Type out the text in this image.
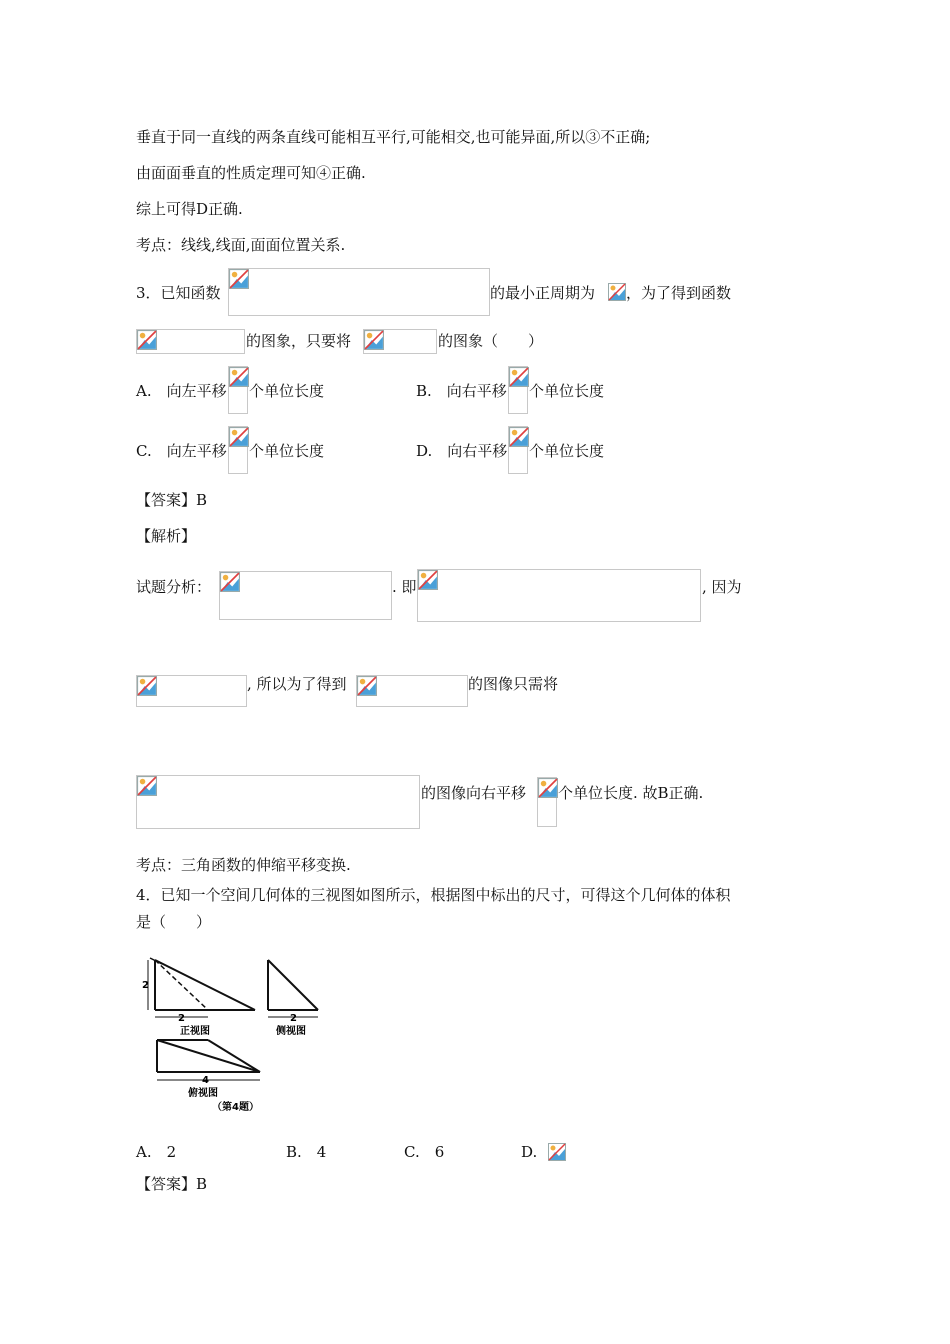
垂直于同一直线的两条直线可能相互平行,可能相交,也可能异面,所以③不正确;
由面面垂直的性质定理可知④正确.
综上可得D正确.
考点：线线,线面,面面位置关系.
3．已知函数	的最小正周期为 ，为了得到函数
的图象，只要将	的图象（　　）
A.　向左平移 个单位长度	B.　向右平移 个单位长度
C.　向左平移 个单位长度	D.　向右平移 个单位长度
【答案】B
【解析】
试题分析：	. 即	, 因为
, 所以为了得到	的图像只需将
的图像向右平移 个单位长度. 故B正确.
考点：三角函数的伸缩平移变换.
4．已知一个空间几何体的三视图如图所示，根据图中标出的尺寸，可得这个几何体的体积
是（　　）
2
2
正视图
2
侧视图
4
俯视图
（第4题）
A.　2	B.　4	C.　6	D.
【答案】B
